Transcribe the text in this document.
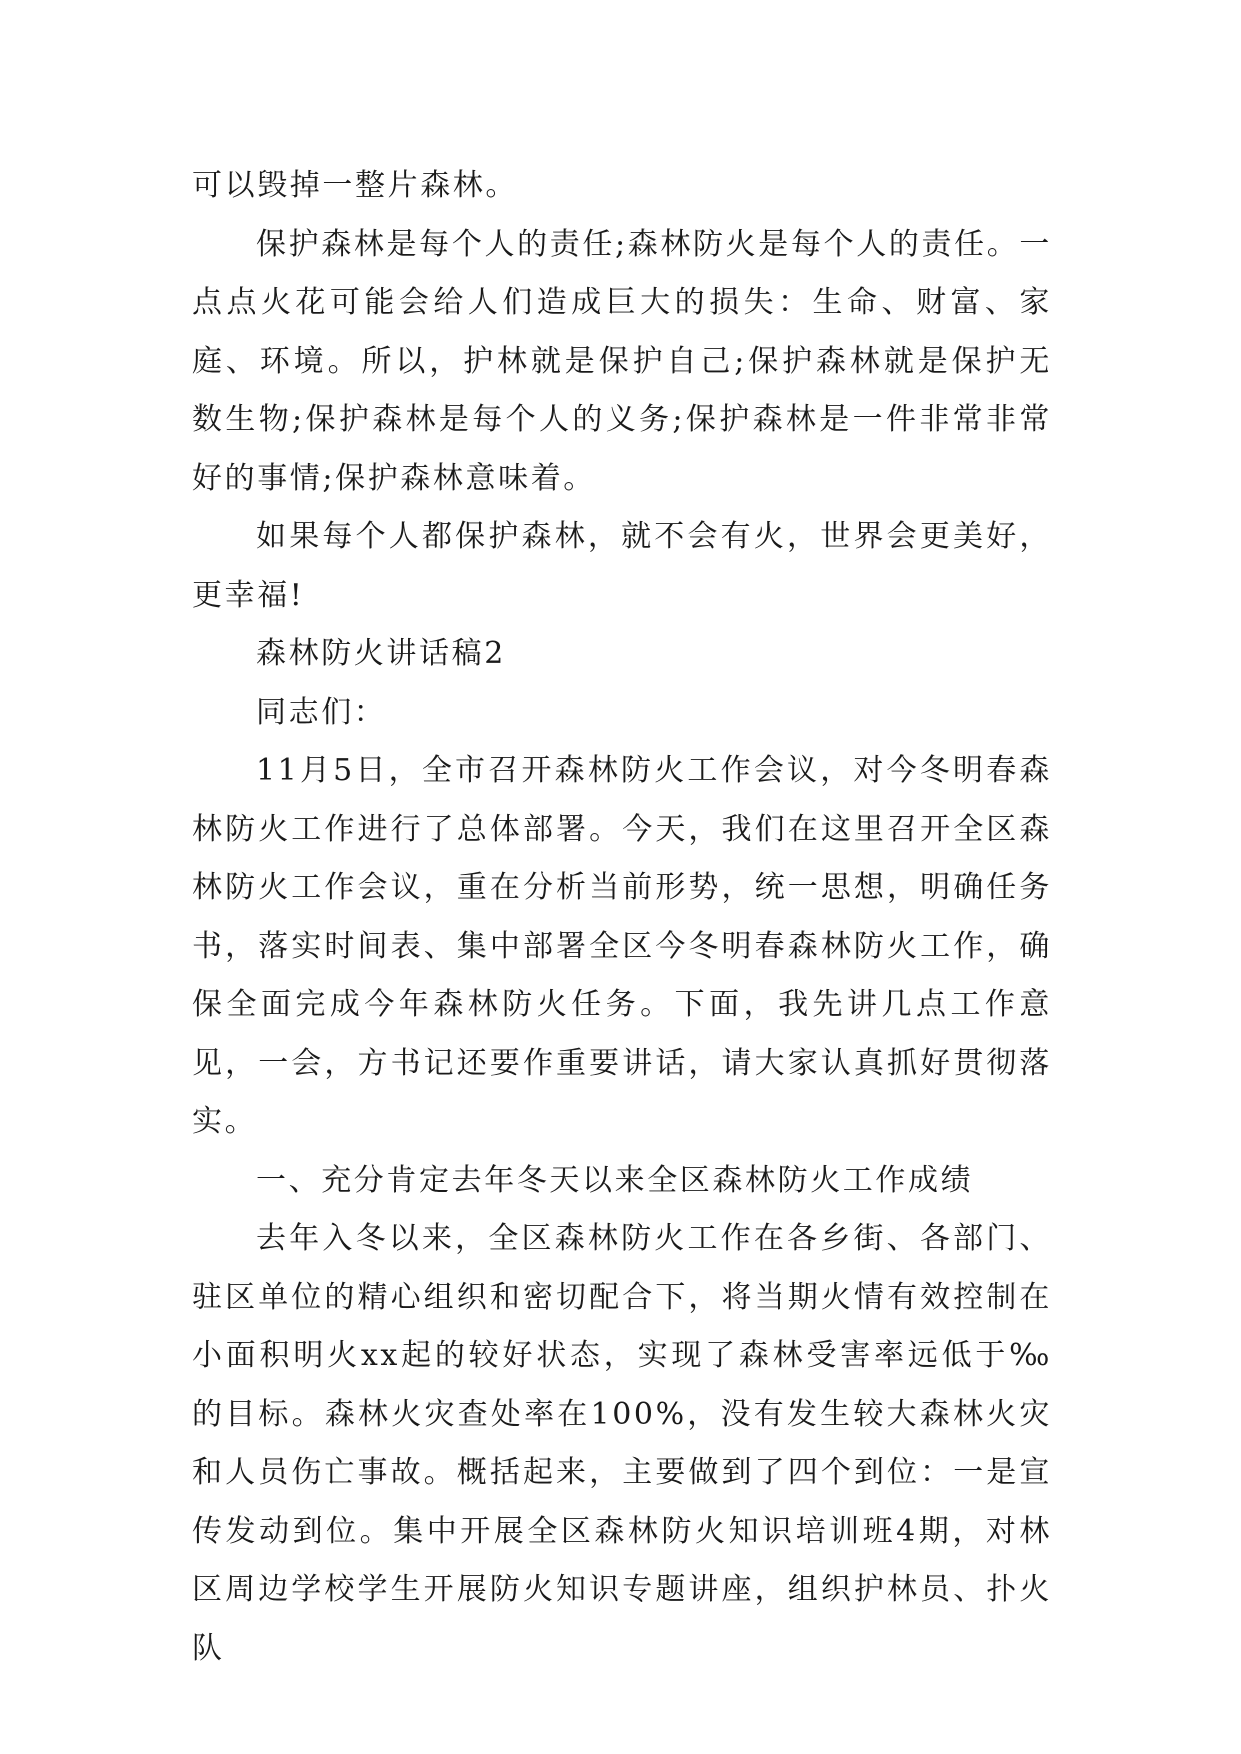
可以毁掉一整片森林。

保护森林是每个人的责任;森林防火是每个人的责任。一点点火花可能会给人们造成巨大的损失：生命、财富、家庭、环境。所以，护林就是保护自己;保护森林就是保护无数生物;保护森林是每个人的义务;保护森林是一件非常非常好的事情;保护森林意味着。

如果每个人都保护森林，就不会有火，世界会更美好，更幸福!

森林防火讲话稿2

同志们：

11月5日，全市召开森林防火工作会议，对今冬明春森林防火工作进行了总体部署。今天，我们在这里召开全区森林防火工作会议，重在分析当前形势，统一思想，明确任务书，落实时间表、集中部署全区今冬明春森林防火工作，确保全面完成今年森林防火任务。下面，我先讲几点工作意见，一会，方书记还要作重要讲话，请大家认真抓好贯彻落实。

一、充分肯定去年冬天以来全区森林防火工作成绩

去年入冬以来，全区森林防火工作在各乡街、各部门、驻区单位的精心组织和密切配合下，将当期火情有效控制在小面积明火xx起的较好状态，实现了森林受害率远低于‰的目标。森林火灾查处率在100%，没有发生较大森林火灾和人员伤亡事故。概括起来，主要做到了四个到位：一是宣传发动到位。集中开展全区森林防火知识培训班4期，对林区周边学校学生开展防火知识专题讲座，组织护林员、扑火队
